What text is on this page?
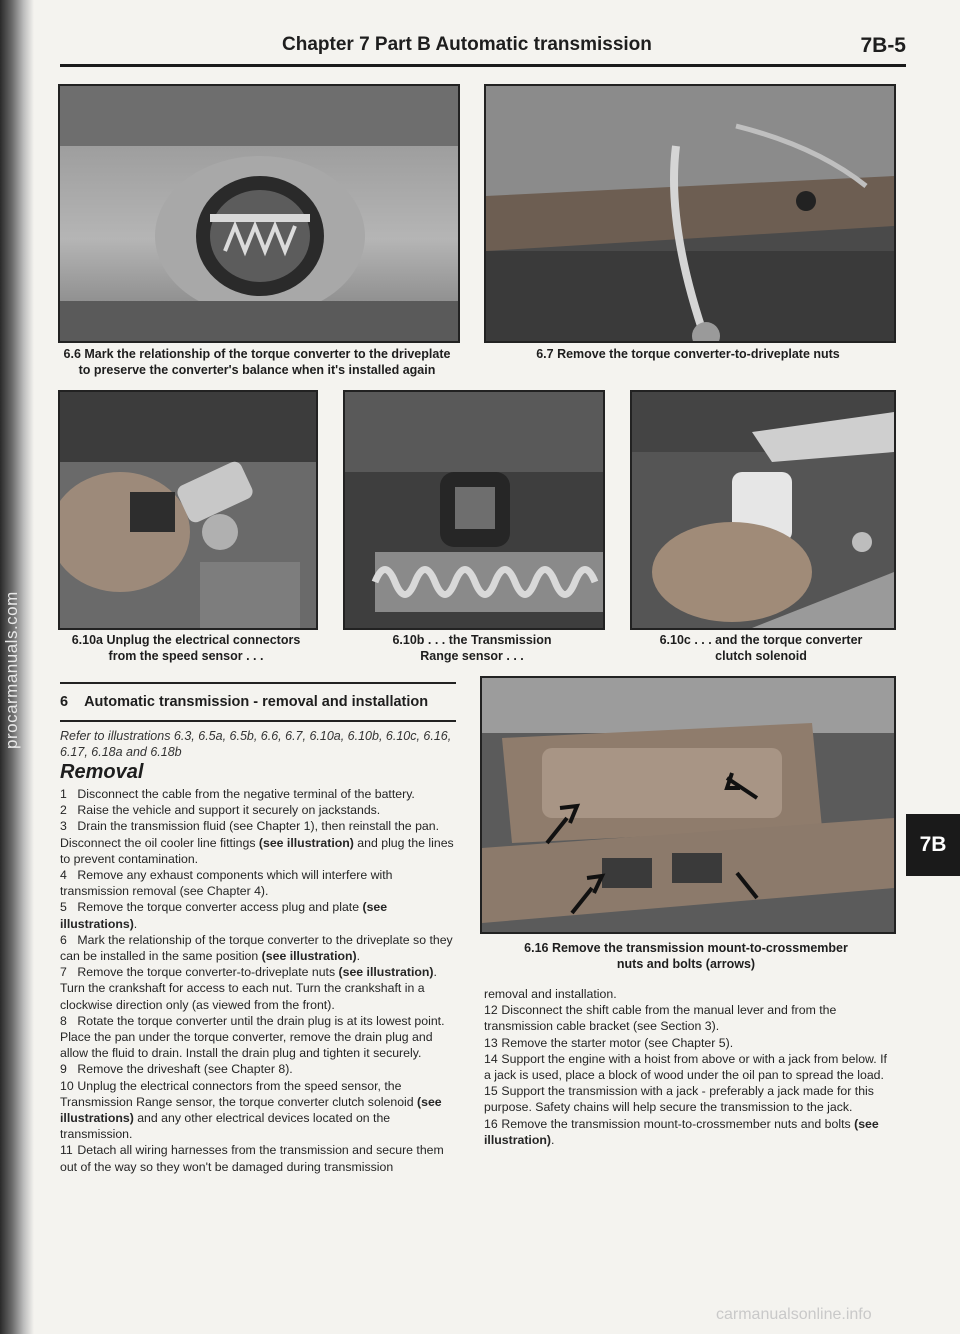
procarmanuals.com
Chapter 7 Part B Automatic transmission	7B-5
6.6 Mark the relationship of the torque converter to the driveplate
to preserve the converter's balance when it's installed again
6.7 Remove the torque converter-to-driveplate nuts
6.10a Unplug the electrical connectors
from the speed sensor . . .
6.10b . . . the Transmission
Range sensor . . .
6.10c . . . and the torque converter
clutch solenoid
6 Automatic transmission - removal and installation
Refer to illustrations 6.3, 6.5a, 6.5b, 6.6, 6.7, 6.10a, 6.10b, 6.10c, 6.16, 6.17, 6.18a and 6.18b
Removal

1 Disconnect the cable from the negative terminal of the battery.

2 Raise the vehicle and support it securely on jackstands.

3 Drain the transmission fluid (see Chapter 1), then reinstall the pan. Disconnect the oil cooler line fittings (see illustration) and plug the lines to prevent contamination.

4 Remove any exhaust components which will interfere with transmission removal (see Chapter 4).

5 Remove the torque converter access plug and plate (see illustrations).

6 Mark the relationship of the torque converter to the driveplate so they can be installed in the same position (see illustration).

7 Remove the torque converter-to-driveplate nuts (see illustration). Turn the crankshaft for access to each nut. Turn the crankshaft in a clockwise direction only (as viewed from the front).

8 Rotate the torque converter until the drain plug is at its lowest point. Place the pan under the torque converter, remove the drain plug and allow the fluid to drain. Install the drain plug and tighten it securely.

9 Remove the driveshaft (see Chapter 8).

10 Unplug the electrical connectors from the speed sensor, the Transmission Range sensor, the torque converter clutch solenoid (see illustrations) and any other electrical devices located on the transmission.

11 Detach all wiring harnesses from the transmission and secure them out of the way so they won't be damaged during transmission

6.16 Remove the transmission mount-to-crossmember
nuts and bolts (arrows)

removal and installation.

12 Disconnect the shift cable from the manual lever and from the transmission cable bracket (see Section 3).

13 Remove the starter motor (see Chapter 5).

14 Support the engine with a hoist from above or with a jack from below. If a jack is used, place a block of wood under the oil pan to spread the load.

15 Support the transmission with a jack - preferably a jack made for this purpose. Safety chains will help secure the transmission to the jack.

16 Remove the transmission mount-to-crossmember nuts and bolts (see illustration).

7B
carmanualsonline.info
